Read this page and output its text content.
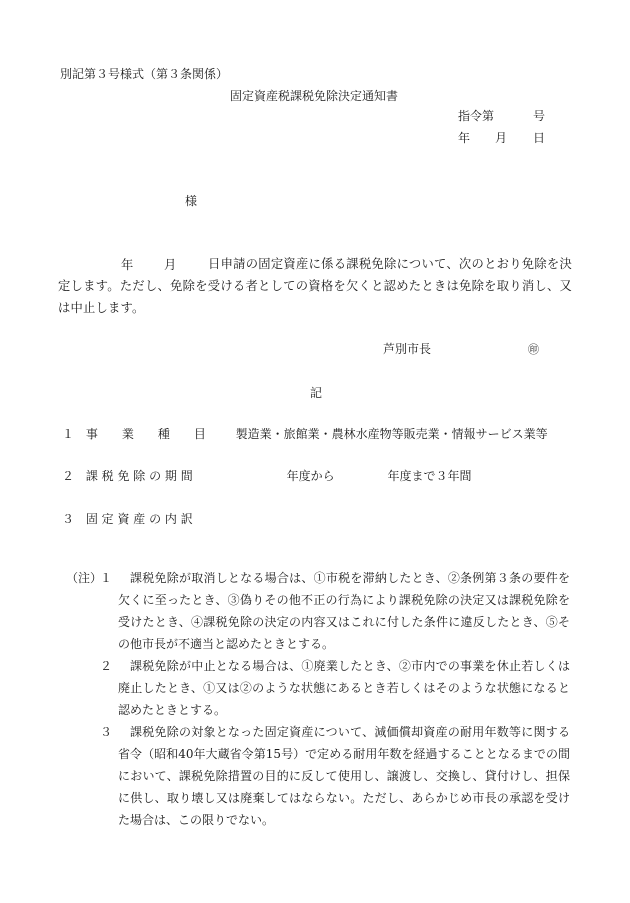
別記第３号様式（第３条関係）
固定資産税課税免除決定通知書
指令第	号
年 月 日
様
年 月	日申請の固定資産に係る課税免除について、次のとおり免除を決定します。ただし、免除を受ける者としての資格を欠くと認めたときは免除を取り消し、又は中止します。
芦別市長	㊞
記
１ 事　　業　　種　　目 製造業・旅館業・農林水産物等販売業・情報サービス業等
２ 課 税 免 除 の 期 間	年度から	年度まで３年間
３ 固 定 資 産 の 内 訳
（注）
１	課税免除が取消しとなる場合は、①市税を滞納したとき、②条例第３条の要件を欠くに至ったとき、③偽りその他不正の行為により課税免除の決定又は課税免除を受けたとき、④課税免除の決定の内容又はこれに付した条件に違反したとき、⑤その他市長が不適当と認めたときとする。
２	課税免除が中止となる場合は、①廃業したとき、②市内での事業を休止若しくは廃止したとき、①又は②のような状態にあるとき若しくはそのような状態になると認めたときとする。
３	課税免除の対象となった固定資産について、減価償却資産の耐用年数等に関する省令（昭和40年大蔵省令第15号）で定める耐用年数を経過することとなるまでの間において、課税免除措置の目的に反して使用し、譲渡し、交換し、貸付けし、担保に供し、取り壊し又は廃棄してはならない。ただし、あらかじめ市長の承認を受けた場合は、この限りでない。
